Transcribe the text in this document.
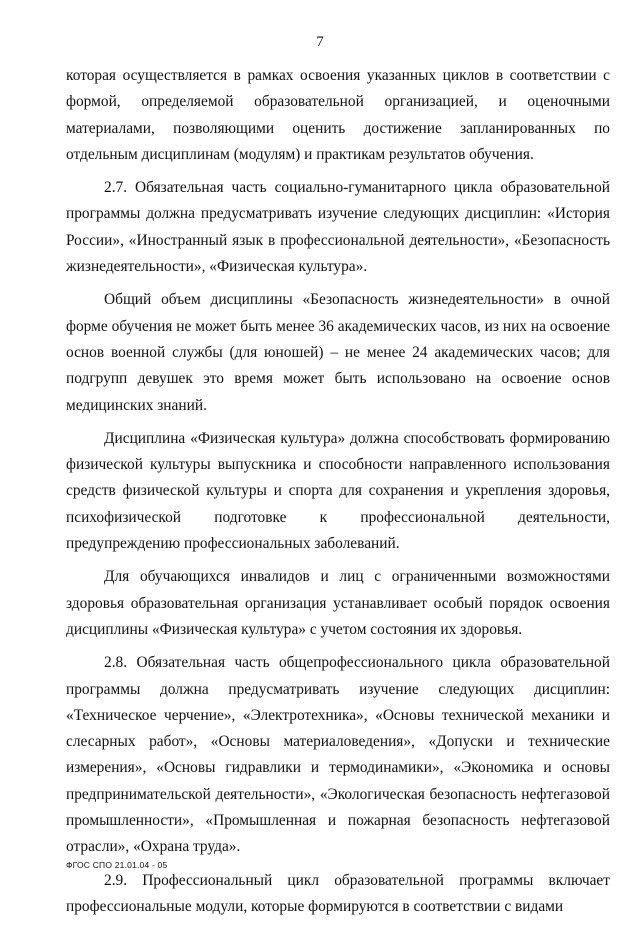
7

которая осуществляется в рамках освоения указанных циклов в соответствии с формой, определяемой образовательной организацией, и оценочными материалами, позволяющими оценить достижение запланированных по отдельным дисциплинам (модулям) и практикам результатов обучения.

2.7. Обязательная часть социально-гуманитарного цикла образовательной программы должна предусматривать изучение следующих дисциплин: «История России», «Иностранный язык в профессиональной деятельности», «Безопасность жизнедеятельности», «Физическая культура».

Общий объем дисциплины «Безопасность жизнедеятельности» в очной форме обучения не может быть менее 36 академических часов, из них на освоение основ военной службы (для юношей) – не менее 24 академических часов; для подгрупп девушек это время может быть использовано на освоение основ медицинских знаний.

Дисциплина «Физическая культура» должна способствовать формированию физической культуры выпускника и способности направленного использования средств физической культуры и спорта для сохранения и укрепления здоровья, психофизической подготовке к профессиональной деятельности, предупреждению профессиональных заболеваний.

Для обучающихся инвалидов и лиц с ограниченными возможностями здоровья образовательная организация устанавливает особый порядок освоения дисциплины «Физическая культура» с учетом состояния их здоровья.

2.8. Обязательная часть общепрофессионального цикла образовательной программы должна предусматривать изучение следующих дисциплин: «Техническое черчение», «Электротехника», «Основы технической механики и слесарных работ», «Основы материаловедения», «Допуски и технические измерения», «Основы гидравлики и термодинамики», «Экономика и основы предпринимательской деятельности», «Экологическая безопасность нефтегазовой промышленности», «Промышленная и пожарная безопасность нефтегазовой отрасли», «Охрана труда».

2.9. Профессиональный цикл образовательной программы включает профессиональные модули, которые формируются в соответствии с видами

ФГОС СПО 21.01.04 - 05
